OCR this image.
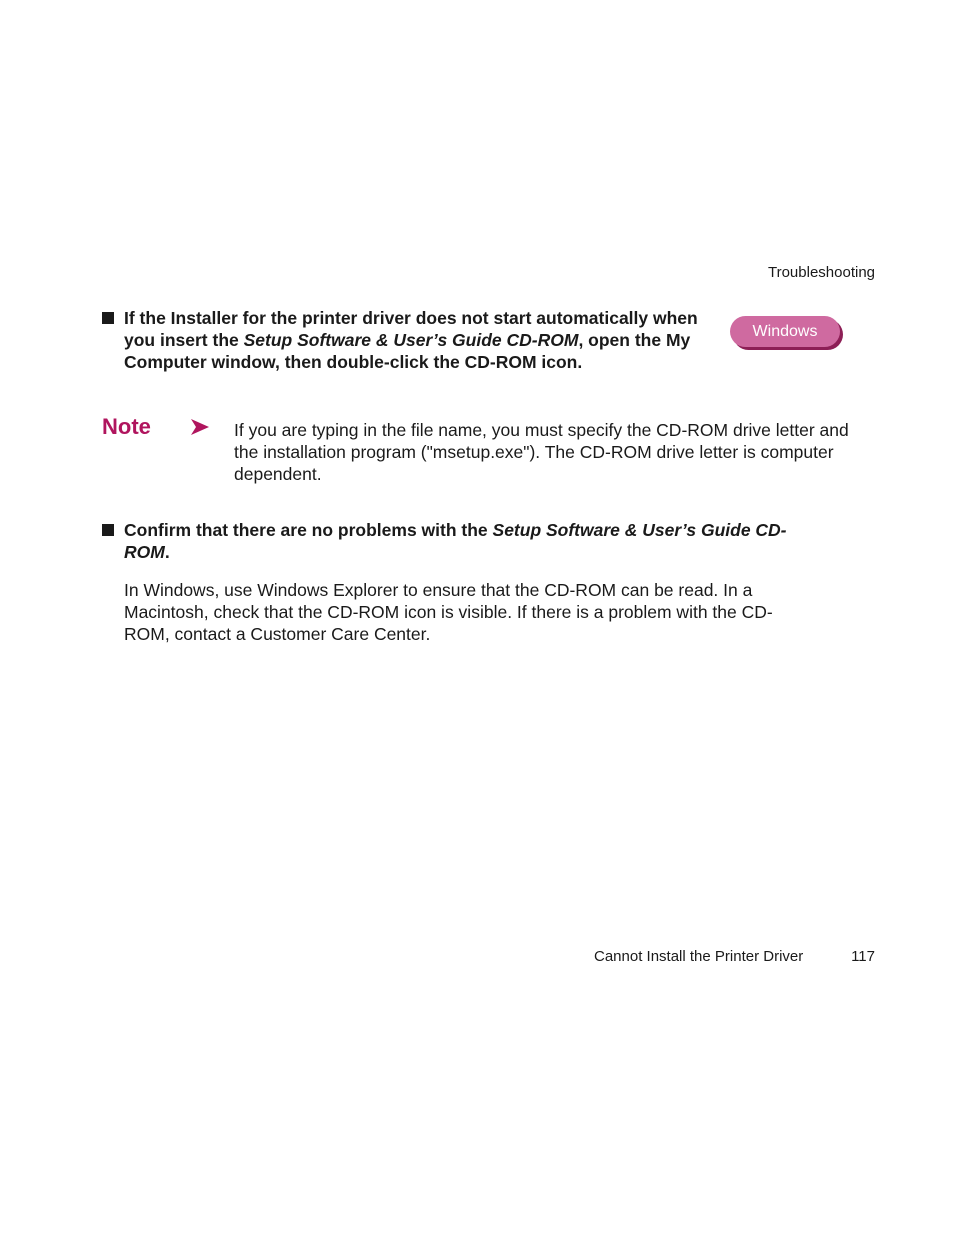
Troubleshooting
If the Installer for the printer driver does not start automatically when you insert the Setup Software & User’s Guide CD-ROM, open the My Computer window, then double-click the CD-ROM icon.
Windows
Note	If you are typing in the file name, you must specify the CD-ROM drive letter and the installation program ("msetup.exe"). The CD-ROM drive letter is computer dependent.
Confirm that there are no problems with the Setup Software & User’s Guide CD-ROM.
In Windows, use Windows Explorer to ensure that the CD-ROM can be read. In a Macintosh, check that the CD-ROM icon is visible. If there is a problem with the CD-ROM, contact a Customer Care Center.
Cannot Install the Printer Driver	117
